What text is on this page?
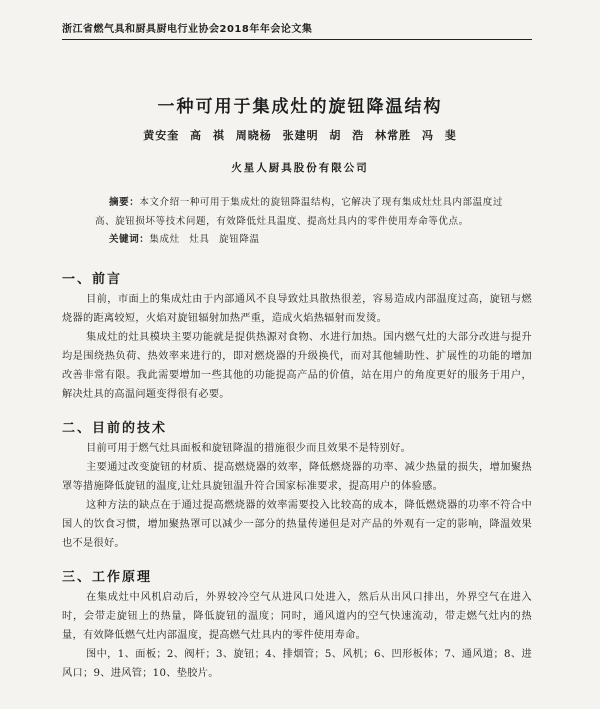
浙江省燃气具和厨具厨电行业协会2018年年会论文集
一种可用于集成灶的旋钮降温结构
黄安奎 高 祺 周晓杨 张建明 胡 浩 林常胜 冯 斐
火星人厨具股份有限公司
摘要：本文介绍一种可用于集成灶的旋钮降温结构，它解决了现有集成灶灶具内部温度过高、旋钮损坏等技术问题，有效降低灶具温度、提高灶具内的零件使用寿命等优点。
关键词：集成灶 灶具 旋钮降温
一、前言
目前，市面上的集成灶由于内部通风不良导致灶具散热很差，容易造成内部温度过高，旋钮与燃烧器的距离较短，火焰对旋钮辐射加热严重，造成火焰热辐射而发烫。
集成灶的灶具模块主要功能就是提供热源对食物、水进行加热。国内燃气灶的大部分改进与提升均是围绕热负荷、热效率来进行的，即对燃烧器的升级换代，而对其他辅助性、扩展性的功能的增加改善非常有限。我此需要增加一些其他的功能提高产品的价值，站在用户的角度更好的服务于用户，解决灶具的高温问题变得很有必要。
二、目前的技术
目前可用于燃气灶具面板和旋钮降温的措施很少而且效果不是特别好。
主要通过改变旋钮的材质、提高燃烧器的效率，降低燃烧器的功率、减少热量的损失，增加聚热罩等措施降低旋钮的温度,让灶具旋钮温升符合国家标准要求，提高用户的体验感。
这种方法的缺点在于通过提高燃烧器的效率需要投入比较高的成本，降低燃烧器的功率不符合中国人的饮食习惯，增加聚热罩可以减少一部分的热量传递但是对产品的外观有一定的影响，降温效果也不是很好。
三、工作原理
在集成灶中风机启动后，外界较冷空气从进风口处进入，然后从出风口排出，外界空气在进入时，会带走旋钮上的热量，降低旋钮的温度；同时，通风道内的空气快速流动，带走燃气灶内的热量，有效降低燃气灶内部温度，提高燃气灶具内的零件使用寿命。
图中，1、面板；2、阀杆；3、旋钮；4、排烟管；5、风机；6、凹形板体；7、通风道；8、进风口；9、进风管；10、垫胶片。
